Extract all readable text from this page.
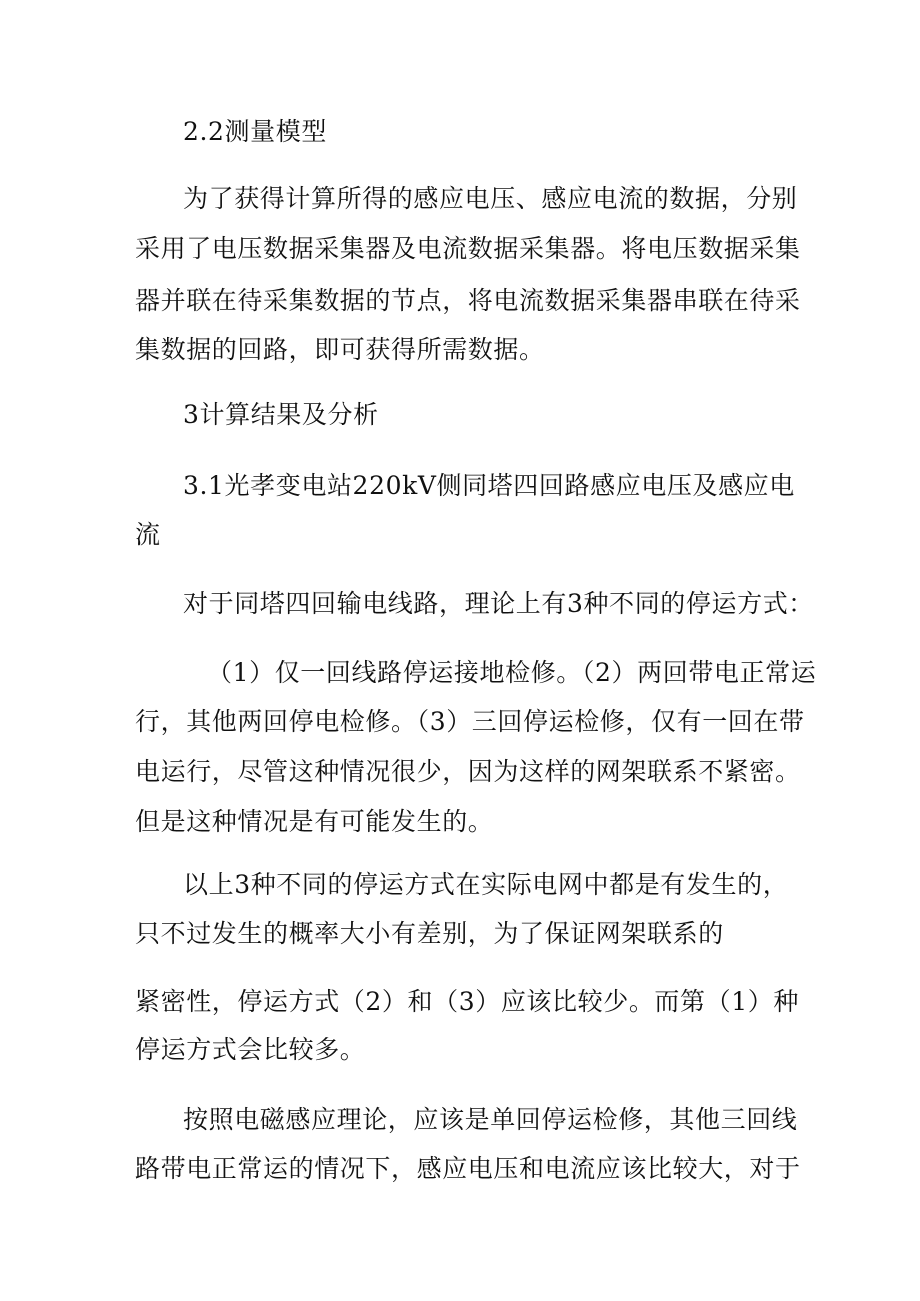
2.2测量模型

为了获得计算所得的感应电压、感应电流的数据，分别

采用了电压数据采集器及电流数据采集器。将电压数据采集

器并联在待采集数据的节点，将电流数据采集器串联在待采

集数据的回路，即可获得所需数据。

3计算结果及分析

3.1光孝变电站220kV侧同塔四回路感应电压及感应电

流

对于同塔四回输电线路，理论上有3种不同的停运方式：

（1）仅一回线路停运接地检修。（2）两回带电正常运

行，其他两回停电检修。（3）三回停运检修，仅有一回在带

电运行，尽管这种情况很少，因为这样的网架联系不紧密。

但是这种情况是有可能发生的。

以上3种不同的停运方式在实际电网中都是有发生的，

只不过发生的概率大小有差别，为了保证网架联系的

紧密性，停运方式（2）和（3）应该比较少。而第（1）种

停运方式会比较多。

按照电磁感应理论，应该是单回停运检修，其他三回线

路带电正常运的情况下，感应电压和电流应该比较大，对于
